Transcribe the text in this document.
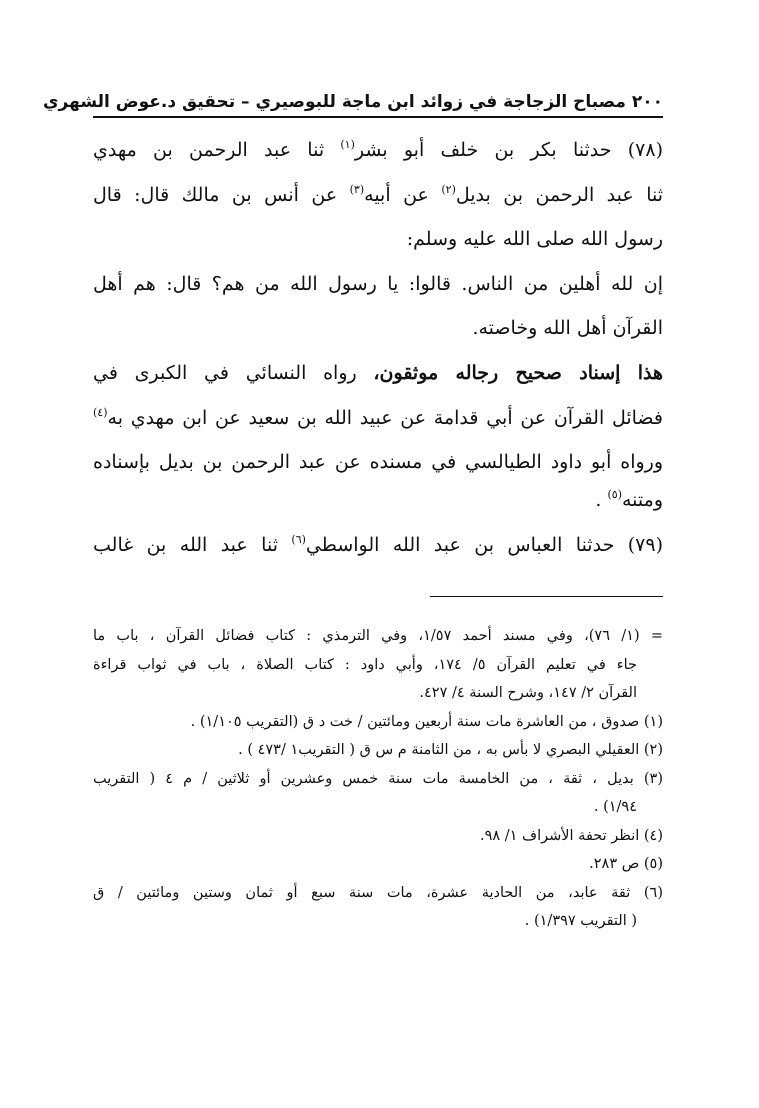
٢٠٠ مصباح الزجاجة في زوائد ابن ماجة للبوصيري – تحقيق د.عوض الشهري
(٧٨) حدثنا بكر بن خلف أبو بشر$^{(١)}$ ثنا عبد الرحمن بن مهدي
ثنا عبد الرحمن بن بديل$^{(٢)}$ عن أبيه$^{(٣)}$ عن أنس بن مالك قال: قال
رسول الله صلى الله عليه وسلم:
إن لله أهلين من الناس. قالوا: يا رسول الله من هم؟ قال: هم أهل
القرآن أهل الله وخاصته.
هذا إسناد صحيح رجاله موثقون، رواه النسائي في الكبرى في
فضائل القرآن عن أبي قدامة عن عبيد الله بن سعيد عن ابن مهدي به$^{(٤)}$
ورواه أبو داود الطيالسي في مسنده عن عبد الرحمن بن بديل بإسناده
ومتنه$^{(٥)}$ .
(٧٩) حدثنا العباس بن عبد الله الواسطي$^{(٦)}$ ثنا عبد الله بن غالب
= (١/ ٧٦)، وفي مسند أحمد ١/٥٧، وفي الترمذي : كتاب فضائل القرآن ، باب ما
جاء في تعليم القرآن ٥/ ١٧٤، وأبي داود : كتاب الصلاة ، باب في ثواب قراءة
القرآن ٢/ ١٤٧، وشرح السنة ٤/ ٤٢٧.
(١) صدوق ، من العاشرة مات سنة أربعين ومائتين / خت د ق (التقريب ١/١٠٥) .
(٢) العقيلي البصري لا بأس به ، من الثامنة م س ق ( التقريب١ /٤٧٣ ) .
(٣) بديل ، ثقة ، من الخامسة مات سنة خمس وعشرين أو ثلاثين / م ٤ ( التقريب
١/٩٤) .
(٤) انظر تحفة الأشراف ١/ ٩٨.
(٥) ص ٢٨٣.
(٦) ثقة عابد، من الحادية عشرة، مات سنة سبع أو ثمان وستين ومائتين / ق
( التقريب ١/٣٩٧) .
